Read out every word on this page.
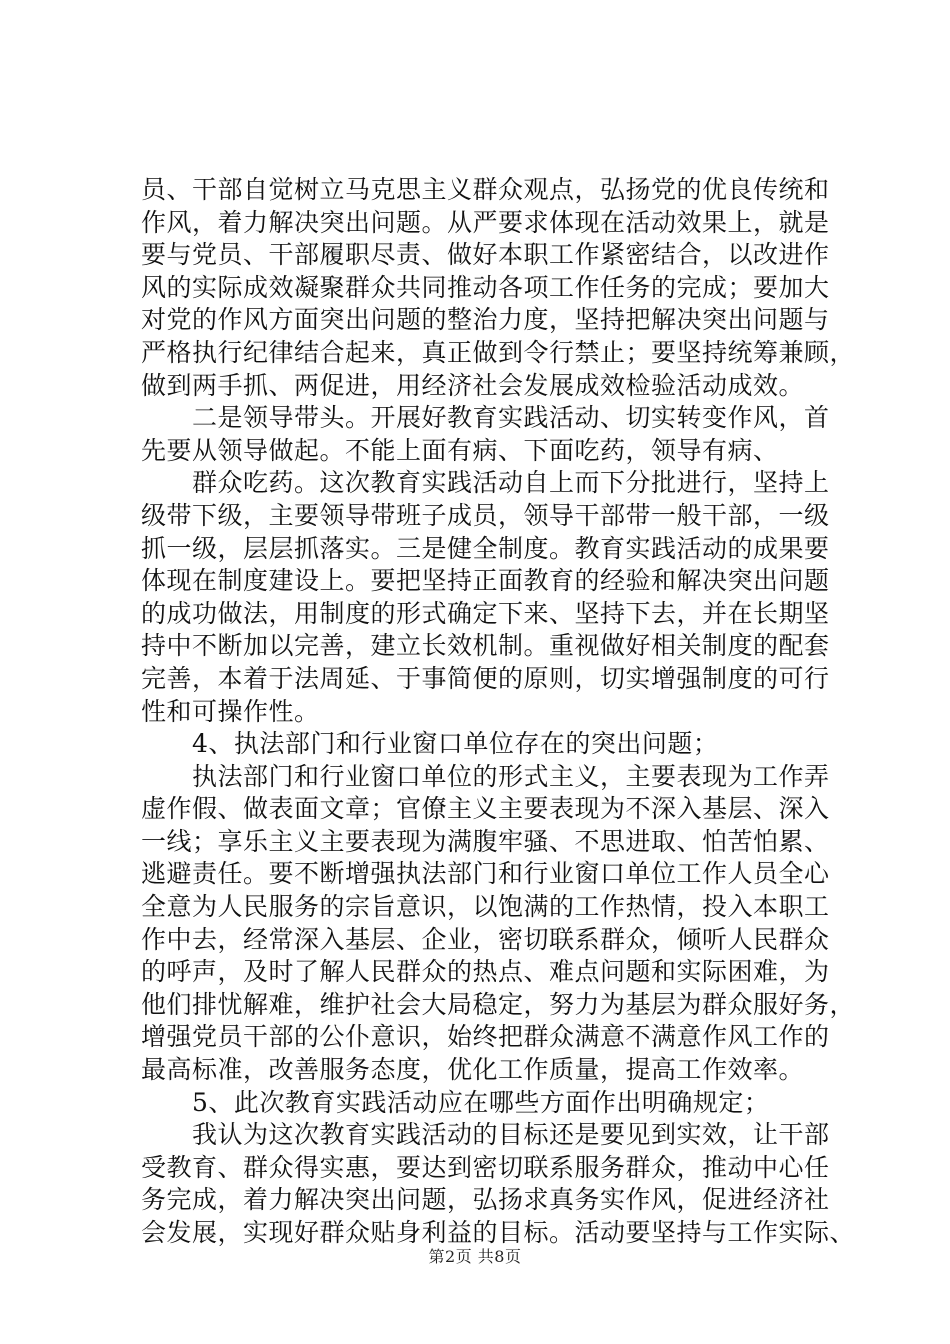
员、干部自觉树立马克思主义群众观点，弘扬党的优良传统和
作风，着力解决突出问题。从严要求体现在活动效果上，就是
要与党员、干部履职尽责、做好本职工作紧密结合，以改进作
风的实际成效凝聚群众共同推动各项工作任务的完成；要加大
对党的作风方面突出问题的整治力度，坚持把解决突出问题与
严格执行纪律结合起来，真正做到令行禁止；要坚持统筹兼顾，
做到两手抓、两促进，用经济社会发展成效检验活动成效。
　　二是领导带头。开展好教育实践活动、切实转变作风，首
先要从领导做起。不能上面有病、下面吃药，领导有病、
　　群众吃药。这次教育实践活动自上而下分批进行，坚持上
级带下级，主要领导带班子成员，领导干部带一般干部，一级
抓一级，层层抓落实。三是健全制度。教育实践活动的成果要
体现在制度建设上。要把坚持正面教育的经验和解决突出问题
的成功做法，用制度的形式确定下来、坚持下去，并在长期坚
持中不断加以完善，建立长效机制。重视做好相关制度的配套
完善，本着于法周延、于事简便的原则，切实增强制度的可行
性和可操作性。
　　4、执法部门和行业窗口单位存在的突出问题；
　　执法部门和行业窗口单位的形式主义，主要表现为工作弄
虚作假、做表面文章；官僚主义主要表现为不深入基层、深入
一线；享乐主义主要表现为满腹牢骚、不思进取、怕苦怕累、
逃避责任。要不断增强执法部门和行业窗口单位工作人员全心
全意为人民服务的宗旨意识，以饱满的工作热情，投入本职工
作中去，经常深入基层、企业，密切联系群众，倾听人民群众
的呼声，及时了解人民群众的热点、难点问题和实际困难，为
他们排忧解难，维护社会大局稳定，努力为基层为群众服好务，
增强党员干部的公仆意识，始终把群众满意不满意作风工作的
最高标准，改善服务态度，优化工作质量，提高工作效率。
　　5、此次教育实践活动应在哪些方面作出明确规定；
　　我认为这次教育实践活动的目标还是要见到实效，让干部
受教育、群众得实惠，要达到密切联系服务群众，推动中心任
务完成，着力解决突出问题，弘扬求真务实作风，促进经济社
会发展，实现好群众贴身利益的目标。活动要坚持与工作实际、
第2页 共8页
